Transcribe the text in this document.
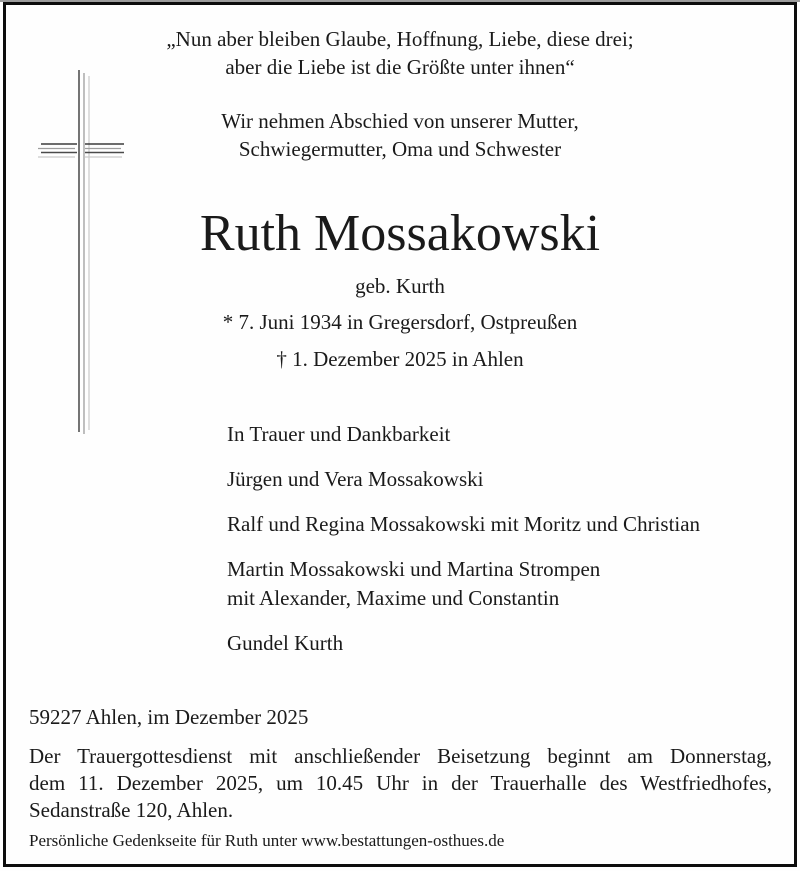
„Nun aber bleiben Glaube, Hoffnung, Liebe, diese drei;
aber die Liebe ist die Größte unter ihnen“
Wir nehmen Abschied von unserer Mutter,
Schwiegermutter, Oma und Schwester
Ruth Mossakowski
geb. Kurth
* 7. Juni 1934 in Gregersdorf, Ostpreußen
† 1. Dezember 2025 in Ahlen
In Trauer und Dankbarkeit
Jürgen und Vera Mossakowski
Ralf und Regina Mossakowski mit Moritz und Christian
Martin Mossakowski und Martina Strompen
mit Alexander, Maxime und Constantin
Gundel Kurth
59227 Ahlen, im Dezember 2025
Der Trauergottesdienst mit anschließender Beisetzung beginnt am Donnerstag,
dem 11. Dezember 2025, um 10.45 Uhr in der Trauerhalle des Westfriedhofes,
Sedanstraße 120, Ahlen.
Persönliche Gedenkseite für Ruth unter www.bestattungen-osthues.de
